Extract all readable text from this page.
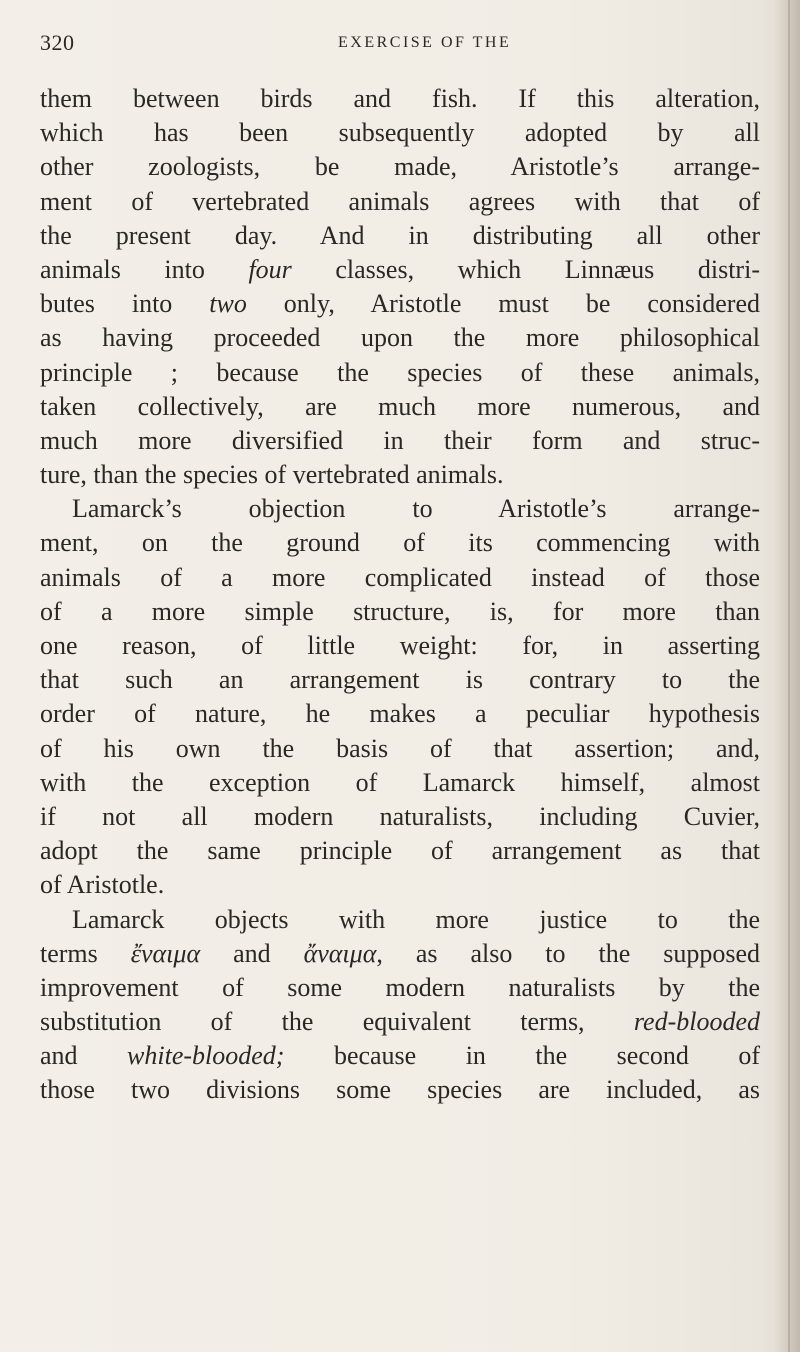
320	EXERCISE OF THE
them between birds and fish. If this alteration,
which has been subsequently adopted by all
other zoologists, be made, Aristotle’s arrange-
ment of vertebrated animals agrees with that of
the present day. And in distributing all other
animals into four classes, which Linnæus distri-
butes into two only, Aristotle must be considered
as having proceeded upon the more philosophical
principle ; because the species of these animals,
taken collectively, are much more numerous, and
much more diversified in their form and struc-
ture, than the species of vertebrated animals.
Lamarck’s objection to Aristotle’s arrange-
ment, on the ground of its commencing with
animals of a more complicated instead of those
of a more simple structure, is, for more than
one reason, of little weight: for, in asserting
that such an arrangement is contrary to the
order of nature, he makes a peculiar hypothesis
of his own the basis of that assertion; and,
with the exception of Lamarck himself, almost
if not all modern naturalists, including Cuvier,
adopt the same principle of arrangement as that
of Aristotle.
Lamarck objects with more justice to the
terms ἔναιμα and ἄναιμα, as also to the supposed
improvement of some modern naturalists by the
substitution of the equivalent terms, red-blooded
and white-blooded; because in the second of
those two divisions some species are included, as
